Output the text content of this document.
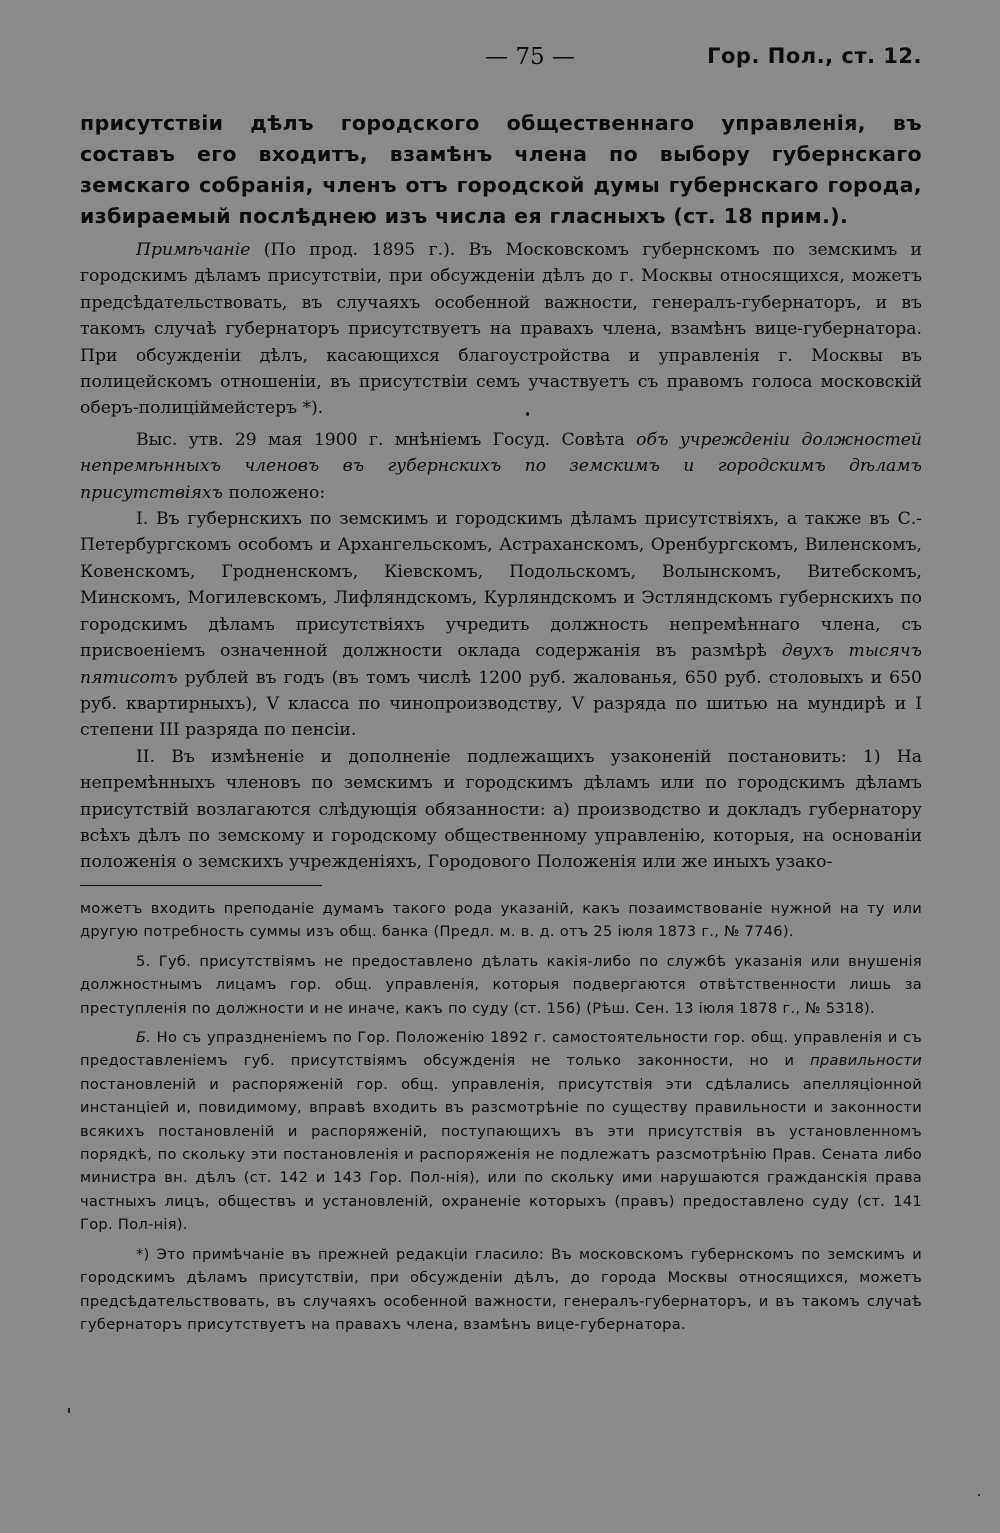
— 75 —	Гор. Пол., ст. 12.

присутствіи дѣлъ городского общественнаго управленія, въ составъ его входитъ, взамѣнъ члена по выбору губернскаго земскаго собранія, членъ отъ городской думы губернскаго города, избираемый послѣднею изъ числа ея гласныхъ (ст. 18 прим.).

Примѣчаніе (По прод. 1895 г.). Въ Московскомъ губернскомъ по земскимъ и городскимъ дѣламъ присутствіи, при обсужденіи дѣлъ до г. Москвы относящихся, можетъ предсѣдательствовать, въ случаяхъ особенной важности, генералъ-губернаторъ, и въ такомъ случаѣ губернаторъ присутствуетъ на правахъ члена, взамѣнъ вице-губернатора. При обсужденіи дѣлъ, касающихся благоустройства и управленія г. Москвы въ полицейскомъ отношеніи, въ присутствіи семъ участвуетъ съ правомъ голоса московскій оберъ-полицiймейстеръ *).

Выс. утв. 29 мая 1900 г. мнѣніемъ Госуд. Совѣта объ учрежденіи должностей непремѣнныхъ членовъ въ губернскихъ по земскимъ и городскимъ дѣламъ присутствіяхъ положено:

I. Въ губернскихъ по земскимъ и городскимъ дѣламъ присутствіяхъ, а также въ С.-Петербургскомъ особомъ и Архангельскомъ, Астраханскомъ, Оренбургскомъ, Виленскомъ, Ковенскомъ, Гродненскомъ, Кіевскомъ, Подольскомъ, Волынскомъ, Витебскомъ, Минскомъ, Могилевскомъ, Лифляндскомъ, Курляндскомъ и Эстляндскомъ губернскихъ по городскимъ дѣламъ присутствіяхъ учредить должность непремѣннаго члена, съ присвоеніемъ означенной должности оклада содержанія въ размѣрѣ двухъ тысячъ пятисотъ рублей въ годъ (въ томъ числѣ 1200 руб. жалованья, 650 руб. столовыхъ и 650 руб. квартирныхъ), V класса по чинопроизводству, V разряда по шитью на мундирѣ и I степени III разряда по пенсіи.

II. Въ измѣненіе и дополненіе подлежащихъ узаконеній постановить: 1) На непремѣнныхъ членовъ по земскимъ и городскимъ дѣламъ или по городскимъ дѣламъ присутствій возлагаются слѣдующія обязанности: а) производство и докладъ губернатору всѣхъ дѣлъ по земскому и городскому общественному управленію, которыя, на основаніи положенія о земскихъ учрежденіяхъ, Городового Положенія или же иныхъ узако-

можетъ входить преподаніе думамъ такого рода указаній, какъ позаимствованіе нужной на ту или другую потребность суммы изъ общ. банка (Предл. м. в. д. отъ 25 іюля 1873 г., № 7746).

5. Губ. присутствіямъ не предоставлено дѣлать какія-либо по службѣ указанія или внушенія должностнымъ лицамъ гор. общ. управленія, которыя подвергаются отвѣтственности лишь за преступленія по должности и не иначе, какъ по суду (ст. 156) (Рѣш. Сен. 13 іюля 1878 г., № 5318).

Б. Но съ упраздненіемъ по Гор. Положенію 1892 г. самостоятельности гор. общ. управленія и съ предоставленіемъ губ. присутствіямъ обсужденія не только законности, но и правильности постановленій и распоряженій гор. общ. управленія, присутствія эти сдѣлались апелляціонной инстанціей и, повидимому, вправѣ входить въ разсмотрѣніе по существу правильности и законности всякихъ постановленій и распоряженій, поступающихъ въ эти присутствія въ установленномъ порядкѣ, по скольку эти постановленія и распоряженія не подлежатъ разсмотрѣнію Прав. Сената либо министра вн. дѣлъ (ст. 142 и 143 Гор. Пол-нія), или по скольку ими нарушаются гражданскія права частныхъ лицъ, обществъ и установленій, охраненіе которыхъ (правъ) предоставлено суду (ст. 141 Гор. Пол-нія).

*) Это примѣчаніе въ прежней редакціи гласило: Въ московскомъ губернскомъ по земскимъ и городскимъ дѣламъ присутствіи, при обсужденіи дѣлъ, до города Москвы относящихся, можетъ предсѣдательствовать, въ случаяхъ особенной важности, генералъ-губернаторъ, и въ такомъ случаѣ губернаторъ присутствуетъ на правахъ члена, взамѣнъ вице-губернатора.
